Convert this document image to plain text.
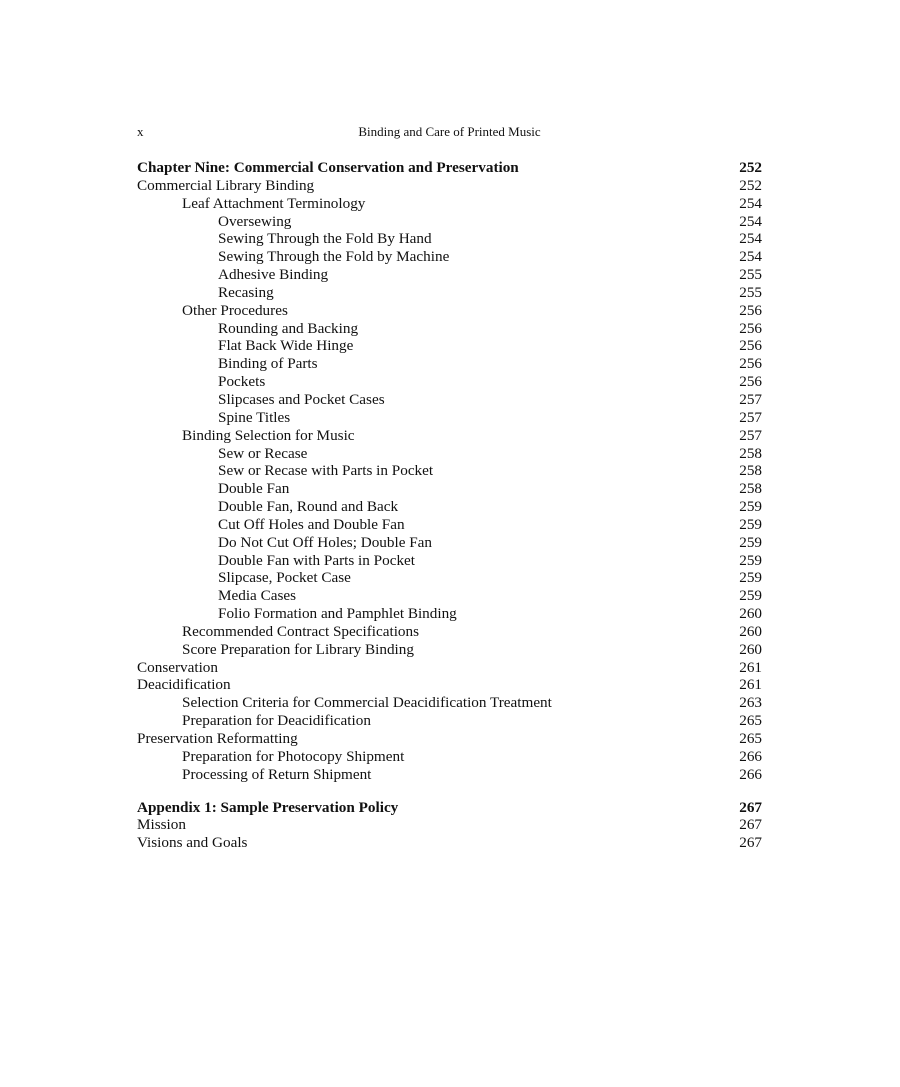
x	Binding and Care of Printed Music
Chapter Nine: Commercial Conservation and Preservation	252
Commercial Library Binding	252
Leaf Attachment Terminology	254
Oversewing	254
Sewing Through the Fold By Hand	254
Sewing Through the Fold by Machine	254
Adhesive Binding	255
Recasing	255
Other Procedures	256
Rounding and Backing	256
Flat Back Wide Hinge	256
Binding of Parts	256
Pockets	256
Slipcases and Pocket Cases	257
Spine Titles	257
Binding Selection for Music	257
Sew or Recase	258
Sew or Recase with Parts in Pocket	258
Double Fan	258
Double Fan, Round and Back	259
Cut Off Holes and Double Fan	259
Do Not Cut Off Holes; Double Fan	259
Double Fan with Parts in Pocket	259
Slipcase, Pocket Case	259
Media Cases	259
Folio Formation and Pamphlet Binding	260
Recommended Contract Specifications	260
Score Preparation for Library Binding	260
Conservation	261
Deacidification	261
Selection Criteria for Commercial Deacidification Treatment	263
Preparation for Deacidification	265
Preservation Reformatting	265
Preparation for Photocopy Shipment	266
Processing of Return Shipment	266
Appendix 1: Sample Preservation Policy	267
Mission	267
Visions and Goals	267
